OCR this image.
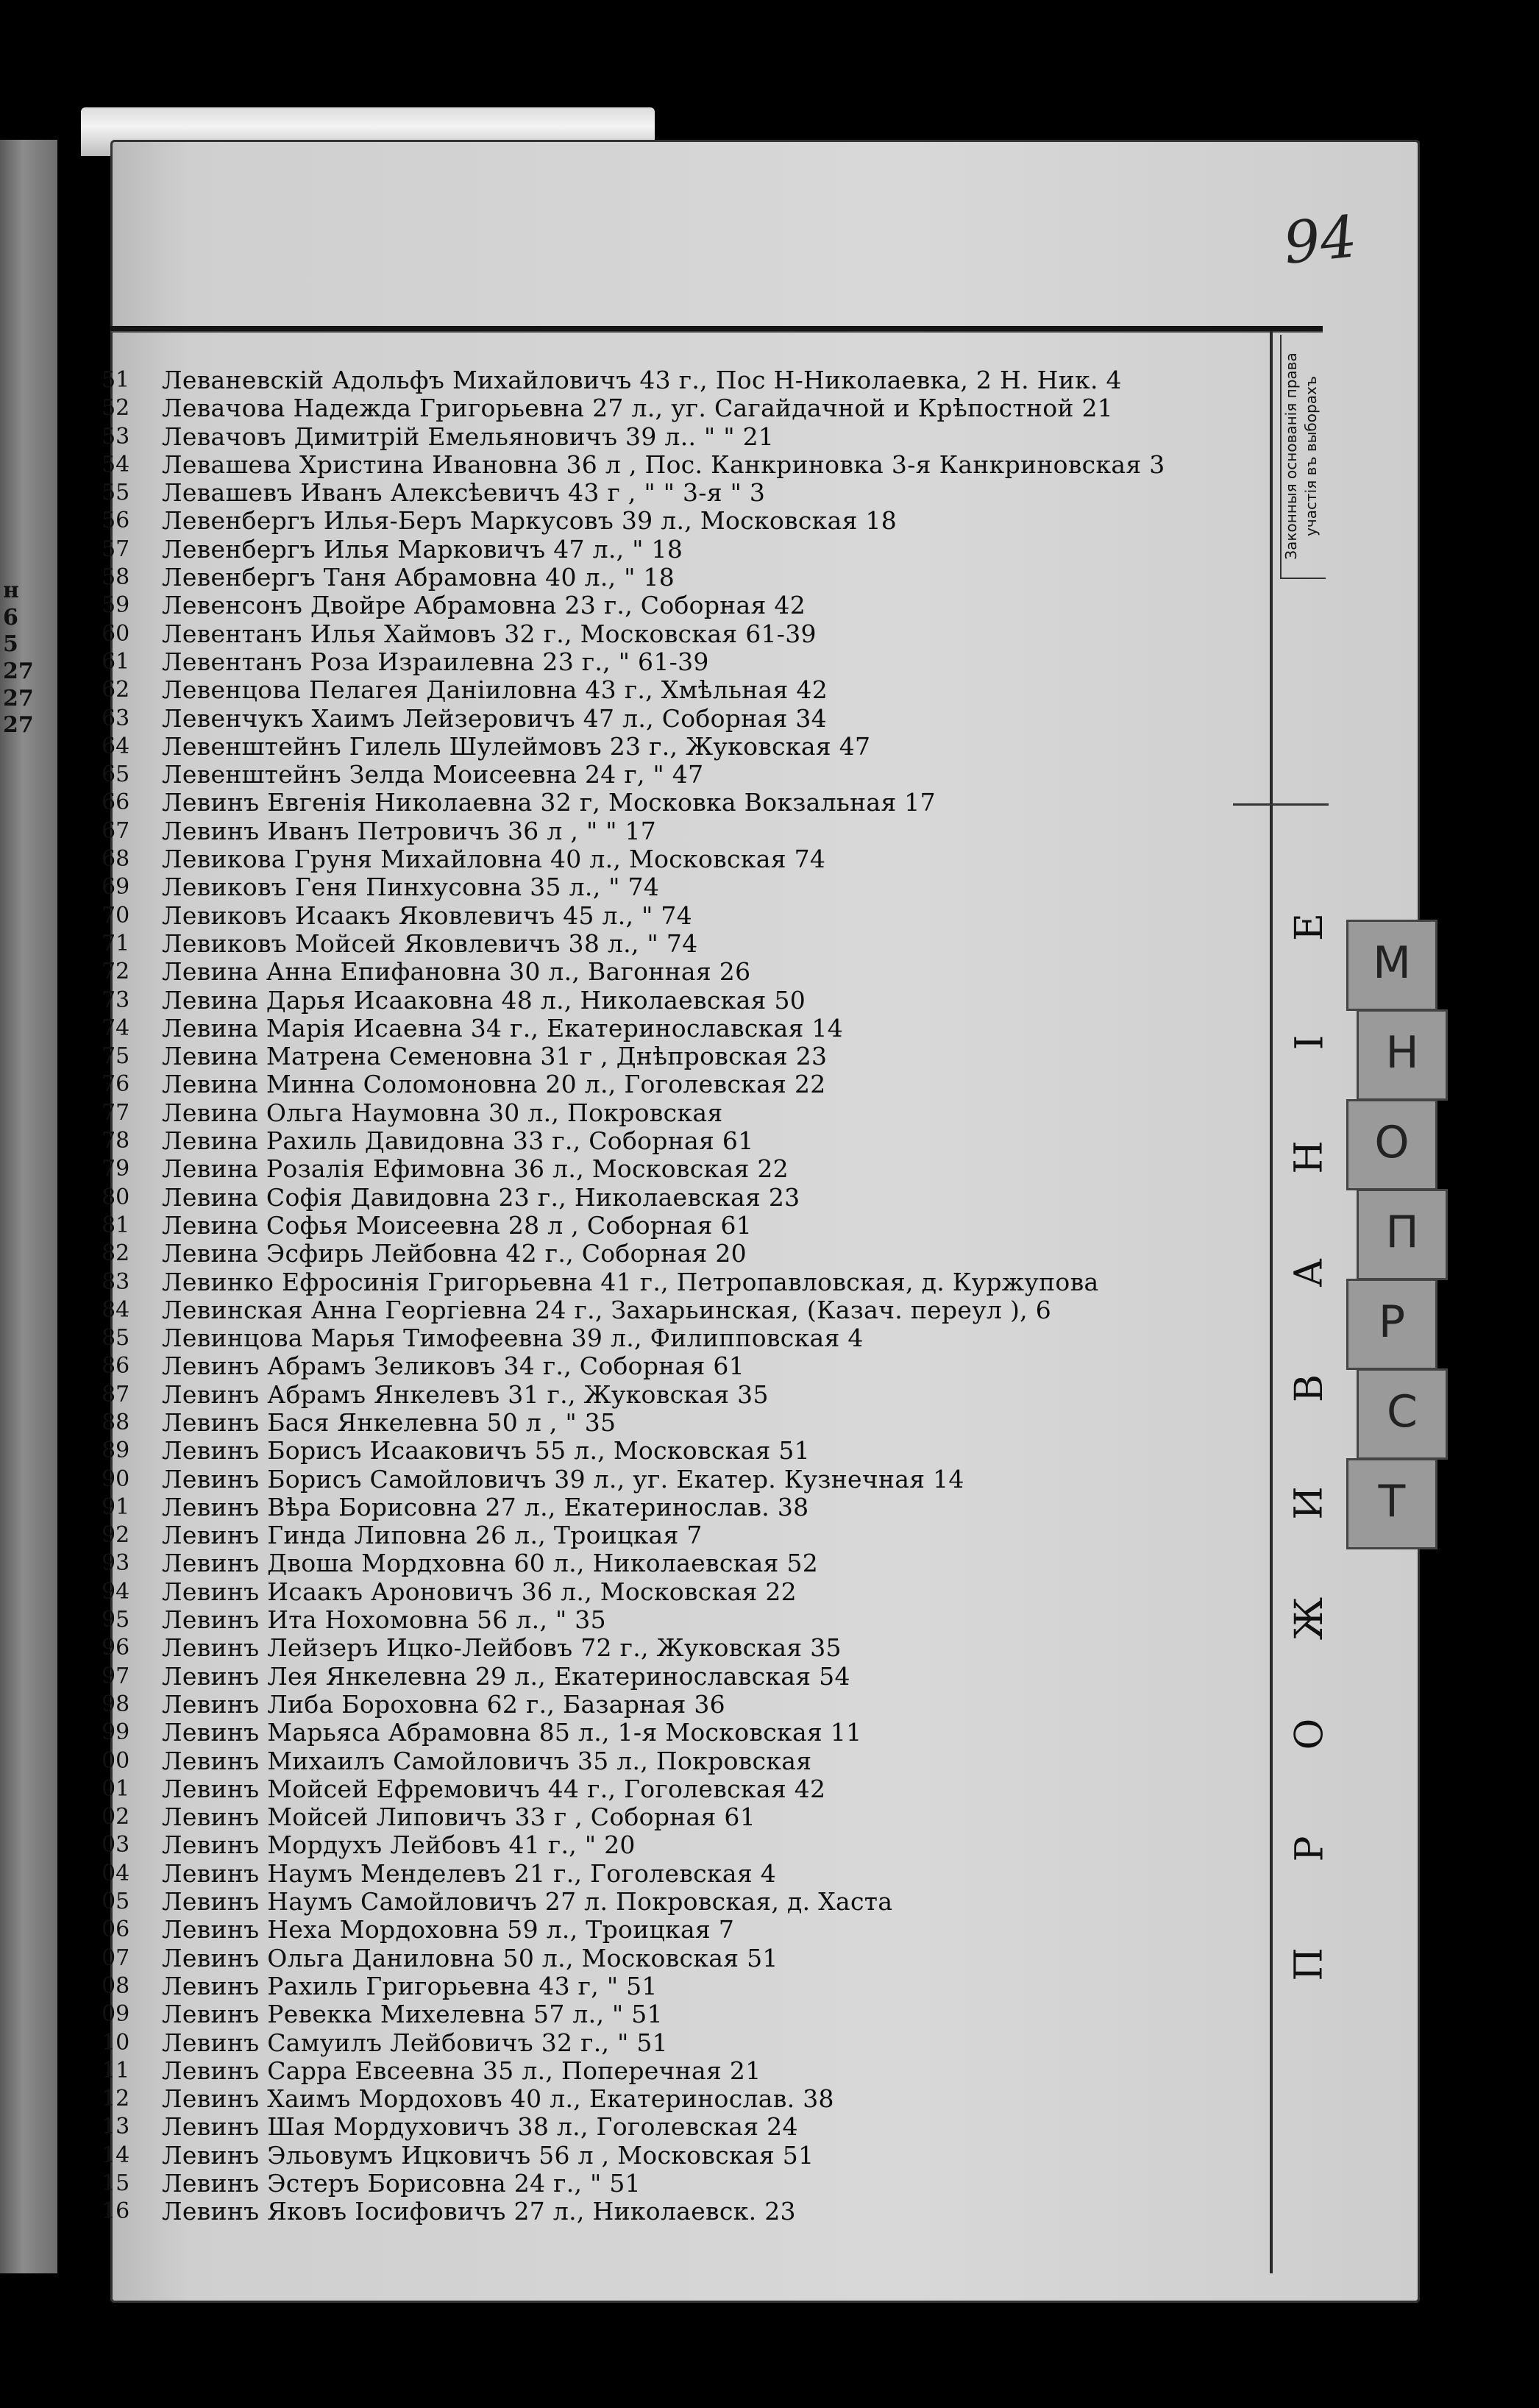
н
6
5
27
27
27
М
Н
О
П
Р
С
Т
94
Законныя основанія права участія въ выборахъ
П
Р
О
Ж
И
В
А
Н
І
Е
51	Леваневскій Адольфъ Михайловичъ 43 г., Пос Н-Николаевка, 2 Н. Ник. 4
52	Левачова Надежда Григорьевна 27 л., уг. Сагайдачной и Крѣпостной 21
53	Левачовъ Димитрій Емельяновичъ 39 л.. " " 21
54	Левашева Христина Ивановна 36 л , Пос. Канкриновка 3-я Канкриновская 3
55	Левашевъ Иванъ Алексѣевичъ 43 г , " " 3-я " 3
56	Левенбергъ Илья-Беръ Маркусовъ 39 л., Московская 18
57	Левенбергъ Илья Марковичъ 47 л., " 18
58	Левенбергъ Таня Абрамовна 40 л., " 18
59	Левенсонъ Двойре Абрамовна 23 г., Соборная 42
60	Левентанъ Илья Хаймовъ 32 г., Московская 61-39
61	Левентанъ Роза Израилевна 23 г., " 61-39
62	Левенцова Пелагея Даніиловна 43 г., Хмѣльная 42
63	Левенчукъ Хаимъ Лейзеровичъ 47 л., Соборная 34
64	Левенштейнъ Гилель Шулеймовъ 23 г., Жуковская 47
65	Левенштейнъ Зелда Моисеевна 24 г, " 47
66	Левинъ Евгенія Николаевна 32 г, Московка Вокзальная 17
67	Левинъ Иванъ Петровичъ 36 л , " " 17
68	Левикова Груня Михайловна 40 л., Московская 74
69	Левиковъ Геня Пинхусовна 35 л., " 74
70	Левиковъ Исаакъ Яковлевичъ 45 л., " 74
71	Левиковъ Мойсей Яковлевичъ 38 л., " 74
72	Левина Анна Епифановна 30 л., Вагонная 26
73	Левина Дарья Исааковна 48 л., Николаевская 50
74	Левина Марія Исаевна 34 г., Екатеринославская 14
75	Левина Матрена Семеновна 31 г , Днѣпровская 23
76	Левина Минна Соломоновна 20 л., Гоголевская 22
77	Левина Ольга Наумовна 30 л., Покровская
78	Левина Рахиль Давидовна 33 г., Соборная 61
79	Левина Розалія Ефимовна 36 л., Московская 22
80	Левина Софія Давидовна 23 г., Николаевская 23
81	Левина Софья Моисеевна 28 л , Соборная 61
82	Левина Эсфирь Лейбовна 42 г., Соборная 20
83	Левинко Ефросинія Григорьевна 41 г., Петропавловская, д. Куржупова
84	Левинская Анна Георгіевна 24 г., Захарьинская, (Казач. переул ), 6
85	Левинцова Марья Тимофеевна 39 л., Филипповская 4
86	Левинъ Абрамъ Зеликовъ 34 г., Соборная 61
87	Левинъ Абрамъ Янкелевъ 31 г., Жуковская 35
88	Левинъ Бася Янкелевна 50 л , " 35
89	Левинъ Борисъ Исааковичъ 55 л., Московская 51
90	Левинъ Борисъ Самойловичъ 39 л., уг. Екатер. Кузнечная 14
91	Левинъ Вѣра Борисовна 27 л., Екатеринослав. 38
92	Левинъ Гинда Липовна 26 л., Троицкая 7
93	Левинъ Двоша Мордховна 60 л., Николаевская 52
94	Левинъ Исаакъ Ароновичъ 36 л., Московская 22
95	Левинъ Ита Нохомовна 56 л., " 35
96	Левинъ Лейзеръ Ицко-Лейбовъ 72 г., Жуковская 35
97	Левинъ Лея Янкелевна 29 л., Екатеринославская 54
98	Левинъ Либа Бороховна 62 г., Базарная 36
99	Левинъ Марьяса Абрамовна 85 л., 1-я Московская 11
00	Левинъ Михаилъ Самойловичъ 35 л., Покровская
01	Левинъ Мойсей Ефремовичъ 44 г., Гоголевская 42
02	Левинъ Мойсей Липовичъ 33 г , Соборная 61
03	Левинъ Мордухъ Лейбовъ 41 г., " 20
04	Левинъ Наумъ Менделевъ 21 г., Гоголевская 4
05	Левинъ Наумъ Самойловичъ 27 л. Покровская, д. Хаста
06	Левинъ Неха Мордоховна 59 л., Троицкая 7
07	Левинъ Ольга Даниловна 50 л., Московская 51
08	Левинъ Рахиль Григорьевна 43 г, " 51
09	Левинъ Ревекка Михелевна 57 л., " 51
10	Левинъ Самуилъ Лейбовичъ 32 г., " 51
11	Левинъ Сарра Евсеевна 35 л., Поперечная 21
12	Левинъ Хаимъ Мордоховъ 40 л., Екатеринослав. 38
13	Левинъ Шая Мордуховичъ 38 л., Гоголевская 24
14	Левинъ Эльовумъ Ицковичъ 56 л , Московская 51
15	Левинъ Эстеръ Борисовна 24 г., " 51
16	Левинъ Яковъ Іосифовичъ 27 л., Николаевск. 23
